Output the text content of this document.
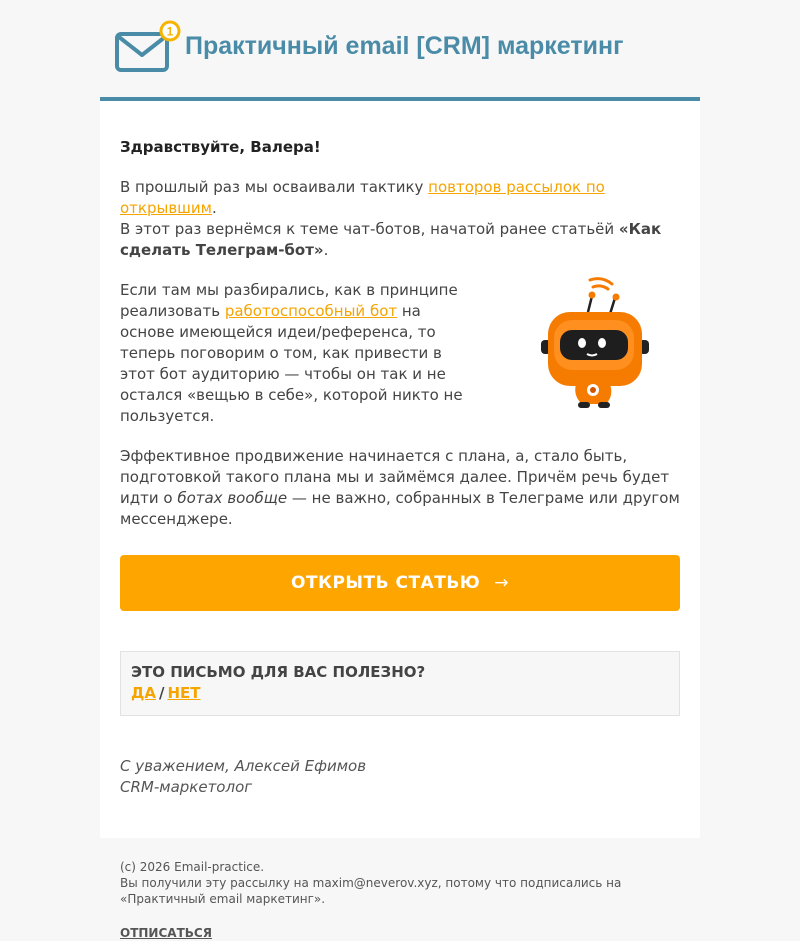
1
Практичный email [CRM] маркетинг

Здравствуйте, Валера!

В прошлый раз мы осваивали тактику повторов рассылок по открывшим.
В этот раз вернёмся к теме чат-ботов, начатой ранее статьёй «Как сделать Телеграм-бот».

Если там мы разбирались, как в принципе реализовать работоспособный бот на основе имеющейся идеи/референса, то теперь поговорим о том, как привести в этот бот аудиторию — чтобы он так и не остался «вещью в себе», которой никто не пользуется.

Эффективное продвижение начинается с плана, а, стало быть, подготовкой такого плана мы и займёмся далее. Причём речь будет идти о ботах вообще — не важно, собранных в Телеграме или другом мессенджере.

ОТКРЫТЬ СТАТЬЮ →
ЭТО ПИСЬМО ДЛЯ ВАС ПОЛЕЗНО?
ДА / НЕТ
С уважением, Алексей Ефимов
CRM-маркетолог
(c) 2026 Email-practice.
Вы получили эту рассылку на maxim@neverov.xyz, потому что подписались на «Практичный email маркетинг».
ОТПИСАТЬСЯ
